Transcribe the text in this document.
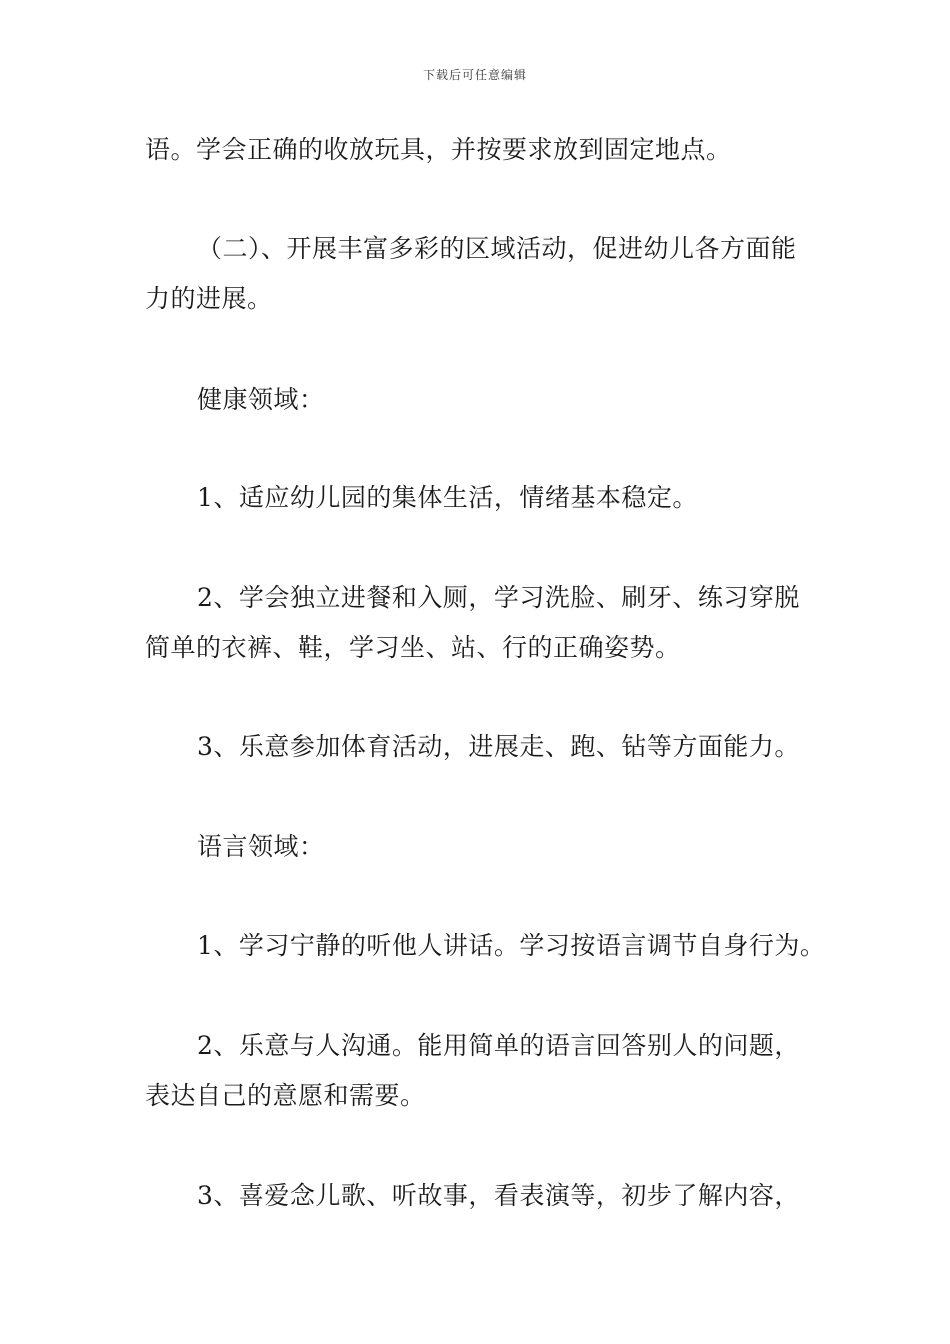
下载后可任意编辑
语。学会正确的收放玩具，并按要求放到固定地点。
（二）、开展丰富多彩的区域活动，促进幼儿各方面能
力的进展。
健康领域：
1、适应幼儿园的集体生活，情绪基本稳定。
2、学会独立进餐和入厕，学习洗脸、刷牙、练习穿脱
简单的衣裤、鞋，学习坐、站、行的正确姿势。
3、乐意参加体育活动，进展走、跑、钻等方面能力。
语言领域：
1、学习宁静的听他人讲话。学习按语言调节自身行为。
2、乐意与人沟通。能用简单的语言回答别人的问题，
表达自己的意愿和需要。
3、喜爱念儿歌、听故事，看表演等，初步了解内容，
